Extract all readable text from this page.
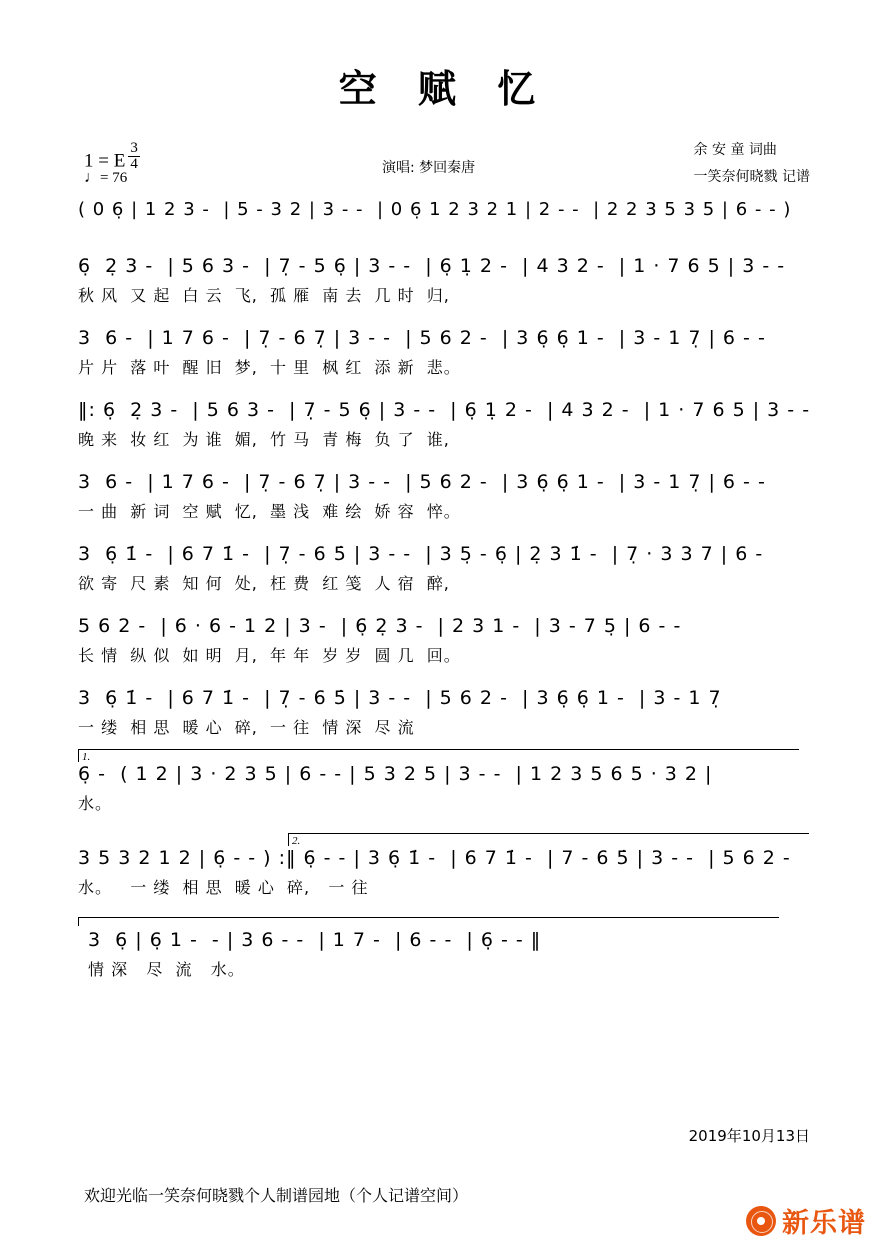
空 赋 忆
1 = E $\frac{3}{4}$
♩= 76
演唱: 梦回秦唐
余 安 童 词曲
一笑奈何晓戮 记谱
( 0 6̣ | 1 2 3 -  | 5 - 3 2 | 3 - -  | 0 6̣ 1 2 3 2 1 | 2 - -  | 2 2 3 5 3 5 | 6 - - )
6̣  2̣ 3 -  | 5 6 3 -  | 7̣ - 5 6̣ | 3 - -  | 6̣ 1̣ 2 -  | 4 3 2 -  | 1 · 7 6 5 | 3 - -
秋 风  又 起  白 云  飞,  孤 雁  南 去  几 时  归,
3  6 -  | 1 7 6 -  | 7̣ - 6 7̣ | 3 - -  | 5 6 2 -  | 3 6̣ 6̣ 1 -  | 3 - 1 7̣ | 6 - -
片 片  落 叶  醒 旧  梦,  十 里  枫 红  添 新  悲。
‖: 6̣  2̣ 3 -  | 5 6 3 -  | 7̣ - 5 6̣ | 3 - -  | 6̣ 1̣ 2 -  | 4 3 2 -  | 1 · 7 6 5 | 3 - -
晚 来  妆 红  为 谁  媚,  竹 马  青 梅  负 了  谁,
3  6 -  | 1 7 6 -  | 7̣ - 6 7̣ | 3 - -  | 5 6 2 -  | 3 6̣ 6̣ 1 -  | 3 - 1 7̣ | 6 - -
一 曲  新 词  空 赋  忆,  墨 浅  难 绘  娇 容  悴。
3  6̣ 1̇ -  | 6 7 1̇ -  | 7̣ - 6 5̇ | 3 - -  | 3 5̣ - 6̣ | 2̣ 3 1̇ -  | 7̣ · 3 3 7 | 6 -
欲 寄  尺 素  知 何  处,  枉 费  红 笺  人 宿  醉,
5 6 2 -  | 6 · 6 - 1 2 | 3 -  | 6̣ 2̣ 3 -  | 2 3 1 -  | 3 - 7 5̣ | 6 - -
长 情  纵 似  如 明  月,  年 年  岁 岁  圆 几  回。
3  6̣ 1̇ -  | 6 7 1̇ -  | 7̣ - 6 5̇ | 3 - -  | 5 6 2 -  | 3 6̣ 6̣ 1 -  | 3 - 1 7̣
一 缕  相 思  暖 心  碎,  一 往  情 深  尽 流
1.
6̣ -  ( 1 2 | 3 · 2 3 5 | 6 - - | 5 3 2 5 | 3 - -  | 1 2 3 5 6 5 · 3 2 |
水。
2.
3 5 3 2 1 2 | 6̣ - - ) :‖ 6̣ - - | 3 6̣ 1̇ -  | 6 7 1̇ -  | 7 - 6 5̇ | 3 - -  | 5 6 2 -
水。   一 缕  相 思  暖 心  碎,   一 往
3  6̣ | 6̣ 1 -  - | 3 6 - -  | 1 7 -  | 6 - -  | 6̣ - - ‖
情 深   尽  流   水。
2019年10月13日
欢迎光临一笑奈何晓戮个人制谱园地（个人记谱空间）
新乐谱
